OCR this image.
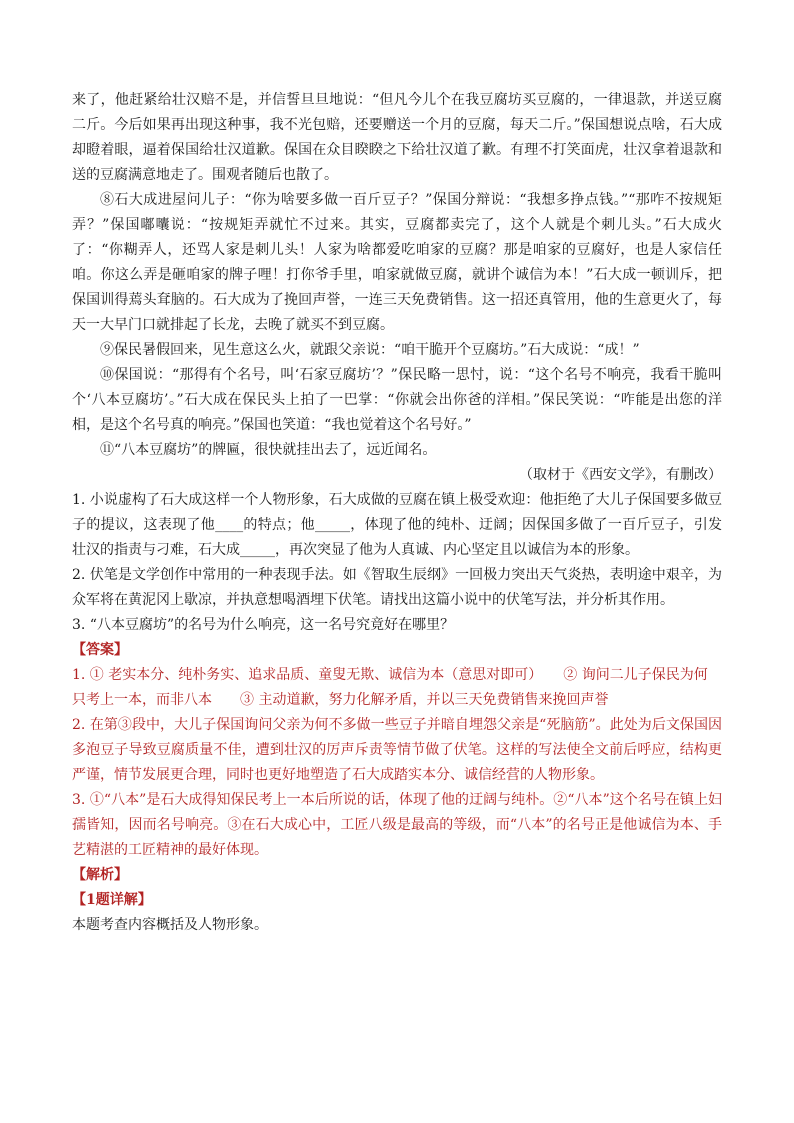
来了，他赶紧给壮汉赔不是，并信誓旦旦地说：“但凡今儿个在我豆腐坊买豆腐的，一律退款，并送豆腐二斤。今后如果再出现这种事，我不光包赔，还要赠送一个月的豆腐，每天二斤。”保国想说点啥，石大成却瞪着眼，逼着保国给壮汉道歉。保国在众目睽睽之下给壮汉道了歉。有理不打笑面虎，壮汉拿着退款和送的豆腐满意地走了。围观者随后也散了。

⑧石大成进屋问儿子：“你为啥要多做一百斤豆子？”保国分辩说：“我想多挣点钱。”“那咋不按规矩弄？”保国嘟囔说：“按规矩弄就忙不过来。其实，豆腐都卖完了，这个人就是个刺儿头。”石大成火了：“你糊弄人，还骂人家是刺儿头！人家为啥都爱吃咱家的豆腐？那是咱家的豆腐好，也是人家信任咱。你这么弄是砸咱家的牌子哩！打你爷手里，咱家就做豆腐，就讲个诚信为本！”石大成一顿训斥，把保国训得蔫头耷脑的。石大成为了挽回声誉，一连三天免费销售。这一招还真管用，他的生意更火了，每天一大早门口就排起了长龙，去晚了就买不到豆腐。

⑨保民暑假回来，见生意这么火，就跟父亲说：“咱干脆开个豆腐坊。”石大成说：“成！”

⑩保国说：“那得有个名号，叫‘石家豆腐坊’？”保民略一思忖，说：“这个名号不响亮，我看干脆叫个‘八本豆腐坊’。”石大成在保民头上拍了一巴掌：“你就会出你爸的洋相。”保民笑说：“咋能是出您的洋相，是这个名号真的响亮。”保国也笑道：“我也觉着这个名号好。”

⑪“八本豆腐坊”的牌匾，很快就挂出去了，远近闻名。

（取材于《西安文学》，有删改）

1. 小说虚构了石大成这样一个人物形象，石大成做的豆腐在镇上极受欢迎：他拒绝了大儿子保国要多做豆子的提议，这表现了他____的特点；他_____，体现了他的纯朴、迂阔；因保国多做了一百斤豆子，引发壮汉的指责与刁难，石大成_____，再次突显了他为人真诚、内心坚定且以诚信为本的形象。

2. 伏笔是文学创作中常用的一种表现手法。如《智取生辰纲》一回极力突出天气炎热，表明途中艰辛，为众军将在黄泥冈上歇凉，并执意想喝酒埋下伏笔。请找出这篇小说中的伏笔写法，并分析其作用。

3. “八本豆腐坊”的名号为什么响亮，这一名号究竟好在哪里？

【答案】

1. ① 老实本分、纯朴务实、追求品质、童叟无欺、诚信为本（意思对即可）　　② 询问二儿子保民为何

只考上一本，而非八本　　③ 主动道歉，努力化解矛盾，并以三天免费销售来挽回声誉

2. 在第③段中，大儿子保国询问父亲为何不多做一些豆子并暗自埋怨父亲是“死脑筋”。此处为后文保国因多泡豆子导致豆腐质量不佳，遭到壮汉的厉声斥责等情节做了伏笔。这样的写法使全文前后呼应，结构更严谨，情节发展更合理，同时也更好地塑造了石大成踏实本分、诚信经营的人物形象。

3. ①“八本”是石大成得知保民考上一本后所说的话，体现了他的迂阔与纯朴。②“八本”这个名号在镇上妇孺皆知，因而名号响亮。③在石大成心中，工匠八级是最高的等级，而“八本”的名号正是他诚信为本、手艺精湛的工匠精神的最好体现。

【解析】

【1题详解】

本题考查内容概括及人物形象。
